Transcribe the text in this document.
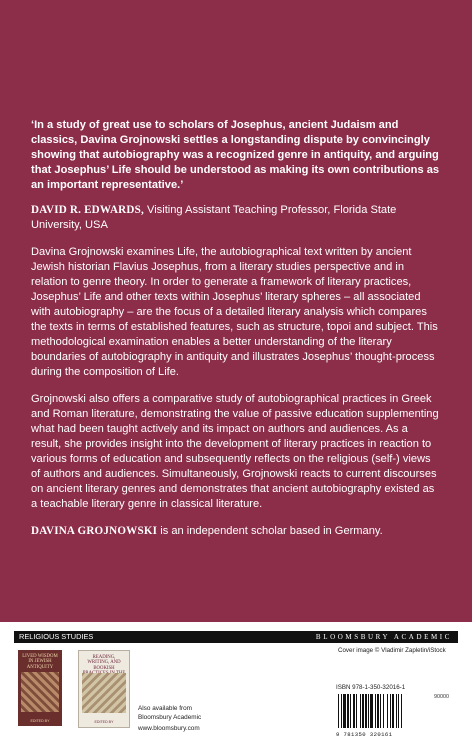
‘In a study of great use to scholars of Josephus, ancient Judaism and classics, Davina Grojnowski settles a longstanding dispute by convincingly showing that autobiography was a recognized genre in antiquity, and arguing that Josephus’ Life should be understood as making its own contributions as an important representative.’

DAVID R. EDWARDS, Visiting Assistant Teaching Professor, Florida State University, USA

Davina Grojnowski examines Life, the autobiographical text written by ancient Jewish historian Flavius Josephus, from a literary studies perspective and in relation to genre theory. In order to generate a framework of literary practices, Josephus’ Life and other texts within Josephus’ literary spheres – all associated with autobiography – are the focus of a detailed literary analysis which compares the texts in terms of established features, such as structure, topoi and subject. This methodological examination enables a better understanding of the literary boundaries of autobiography in antiquity and illustrates Josephus’ thought-process during the composition of Life.

Grojnowski also offers a comparative study of autobiographical practices in Greek and Roman literature, demonstrating the value of passive education supplementing what had been taught actively and its impact on authors and audiences. As a result, she provides insight into the development of literary practices in reaction to various forms of education and subsequently reflects on the religious (self-) views of authors and audiences. Simultaneously, Grojnowski reacts to current discourses on ancient literary genres and demonstrates that ancient autobiography existed as a teachable literary genre in classical literature.

DAVINA GROJNOWSKI is an independent scholar based in Germany.

RELIGIOUS STUDIES	BLOOMSBURY ACADEMIC
LIVED WISDOM IN JEWISH ANTIQUITY
EDITED BY
READING, WRITING, AND BOOKISH
EDITED BY
Also available from
Bloomsbury Academic
www.bloomsbury.com
Cover image © Vladimir Zapletin/iStock
ISBN 978-1-350-32016-1
90000
9 781350 320161
